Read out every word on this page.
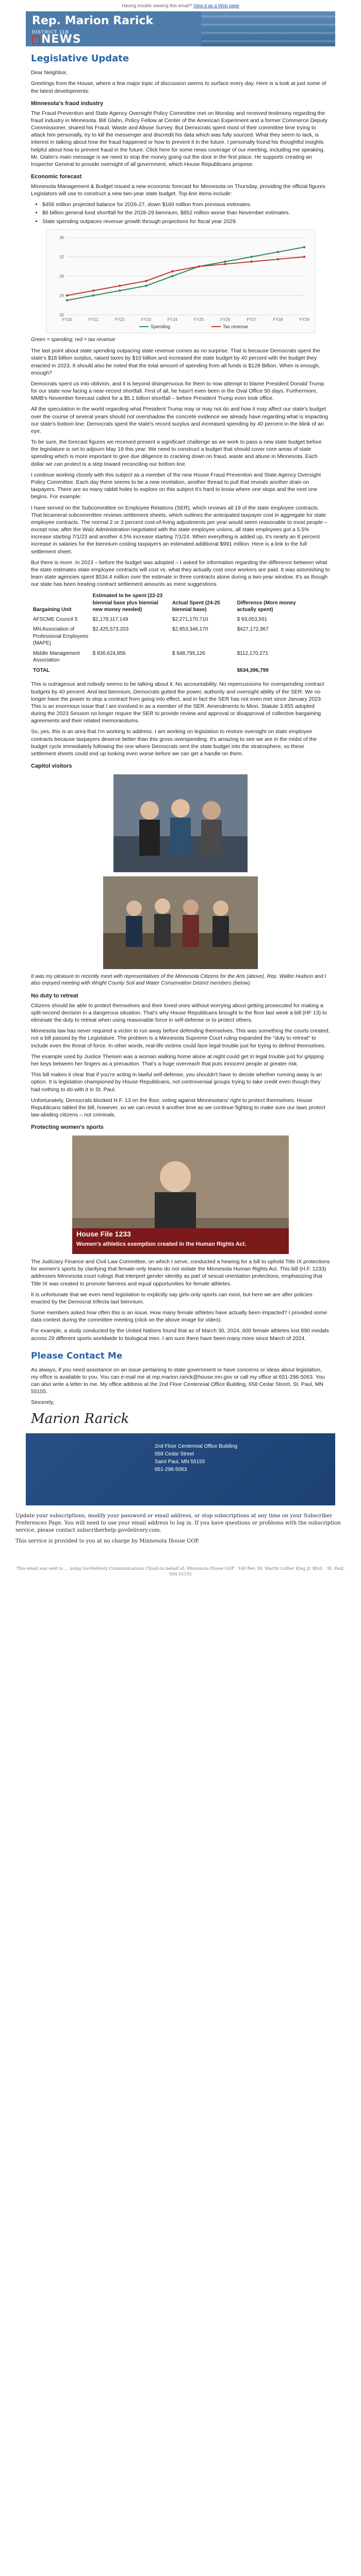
Having trouble viewing this email? View it as a Web page
Rep. Marion Rarick
DISTRICT 11B
NEWS
Legislative Update

Dear Neighbor,

Greetings from the House, where a few major topic of discussion seems to surface every day. Here is a look at just some of the latest developments:

Minnesota's fraud industry

The Fraud Prevention and State Agency Oversight Policy Committee met on Monday and received testimony regarding the fraud industry in Minnesota. Bill Glahn, Policy Fellow at Center of the American Experiment and a former Commerce Deputy Commissioner, shared his Fraud, Waste and Abuse Survey. But Democrats spent most of their committee time trying to attack him personally, try to kill the messenger and discredit his data which was fully sourced. What they seem to lack, is interest in talking about how the fraud happened or how to prevent it in the future. I personally found his thoughtful insights helpful about how to prevent fraud in the future. Click here for some news coverage of our meeting, including me speaking. Mr. Glahn's main message is we need to stop the money going out the door in the first place. He supports creating an Inspector General to provide oversight of all government, which House Republicans propose.

Economic forecast

Minnesota Management & Budget issued a new economic forecast for Minnesota on Thursday, providing the official figures Legislators will use to construct a new two-year state budget. Top-line items include:

• $456 million projected balance for 2026-27, down $160 million from previous estimates.
• $6 billion general fund shortfall for the 2028-29 biennium, $852 million worse than November estimates.
• State spending outpaces revenue growth through projections for fiscal year 2029.
20
24
28
32
36
FY20	FY21	FY22	FY23	FY24	FY25	FY26	FY27	FY28	FY29
Spending	Tax revenue

Green = spending; red = tax revenue

The last point about state spending outpacing state revenue comes as no surprise. That is because Democrats spent the state's $18 billion surplus, raised taxes by $10 billion and increased the state budget by 40 percent with the budget they enacted in 2023. It should also be noted that the total amount of spending from all funds is $128 Billion. When is enough, enough?

Democrats spent us into oblivion, and it is beyond disingenuous for them to now attempt to blame President Donald Trump for our state now facing a near-record shortfall. First of all, he hasn't even been in the Oval Office 50 days. Furthermore, MMB's November forecast called for a $5.1 billion shortfall – before President Trump even took office.

All the speculation in the world regarding what President Trump may or may not do and how it may affect our state's budget over the course of several years should not overshadow the concrete evidence we already have regarding what is impacting our state's bottom line: Democrats spent the state's record surplus and increased spending by 40 percent in the blink of an eye.

To be sure, the forecast figures we received present a significant challenge as we work to pass a new state budget before the legislature is set to adjourn May 19 this year. We need to construct a budget that should cover core areas of state spending which is more important to give due diligence to cracking down on fraud, waste and abuse in Minnesota. Each dollar we can protect is a step toward reconciling our bottom line.

I continue working closely with this subject as a member of the new House Fraud Prevention and State Agency Oversight Policy Committee. Each day there seems to be a new revelation, another thread to pull that reveals another drain on taxpayers. There are so many rabbit holes to explore on this subject it's hard to know where one stops and the next one begins. For example:

I have served on the Subcommittee on Employee Relations (SER), which reviews all 19 of the state employee contracts. That bicameral subcommittee reviews settlement sheets, which outlines the anticipated taxpayer cost in aggregate for state employee contracts. The normal 2 or 3 percent cost-of-living adjustments per year would seem reasonable to most people – except now, after the Walz Administration negotiated with the state employee unions, all state employees got a 5.5% increase starting 7/1/23 and another 4.5% increase starting 7/1/24. When everything is added up, it's nearly an 8 percent increase in salaries for the biennium costing taxpayers an estimated additional $991 million. Here is a link to the full settlement sheet.

But there is more. In 2023 – before the budget was adopted – I asked for information regarding the difference between what the state estimates state employee contracts will cost vs. what they actually cost once workers are paid. It was astonishing to learn state agencies spent $534.4 million over the estimate in three contracts alone during a two-year window. It's as though our state has been treating contract settlement amounts as mere suggestions.

Bargaining Unit	Estimated to be spent (22-23 biennial base plus biennial new money needed)	Actual Spent (24-25 biennial base)	Difference (More money actually spent)
AFSCME Council 5	$2,178,117,149	$2,271,170,710	$ 93,053,561
MN Association of Professional Employees (MAPE)	$2,425,573,203	$2,853,346,170	$427,172,967
Middle Management Association	$ 836,624,856	$ 948,795,126	$112,170,271
TOTAL			$634,396,799

This is outrageous and nobody seems to be talking about it. No accountability. No repercussions for overspending contract budgets by 40 percent. And last biennium, Democrats gutted the power, authority and oversight ability of the SER. We no longer have the power to stop a contract from going into effect, and in fact the SER has not even met since January 2023. This is an enormous issue that I am involved in as a member of the SER. Amendments to Minn. Statute 3.855 adopted during the 2023 Session no longer require the SER to provide review and approval or disapproval of collective bargaining agreements and their related memorandums.

So, yes, this is an area that I'm working to address. I am working on legislation to restore oversight on state employee contracts because taxpayers deserve better than this gross overspending. It's amazing to see we are in the midst of the budget cycle immediately following the one where Democrats sent the state budget into the stratosphere, so these settlement sheets could end up looking even worse before we can get a handle on them.

Capitol visitors

It was my pleasure to recently meet with representatives of the Minnesota Citizens for the Arts (above). Rep. Walter Hudson and I also enjoyed meeting with Wright County Soil and Water Conservation District members (below).

No duty to retreat

Citizens should be able to protect themselves and their loved ones without worrying about getting prosecuted for making a split-second decision in a dangerous situation. That's why House Republicans brought to the floor last week a bill (HF 13) to eliminate the duty to retreat when using reasonable force in self-defense or to protect others.

Minnesota law has never required a victim to run away before defending themselves. This was something the courts created, not a bill passed by the Legislature. The problem is a Minnesota Supreme Court ruling expanded the "duty to retreat" to include even the threat of force. In other words, real-life victims could face legal trouble just for trying to defend themselves.

The example used by Justice Theisen was a woman walking home alone at night could get in legal trouble just for gripping her keys between her fingers as a precaution. That's a huge overreach that puts innocent people at greater risk.

This bill makes it clear that if you're acting in lawful self-defense, you shouldn't have to decide whether running away is an option. It is legislation championed by House Republicans, not controversial groups trying to take credit even though they had nothing to do with it in St. Paul.

Unfortunately, Democrats blocked H.F. 13 on the floor, voting against Minnesotans' right to protect themselves. House Republicans tabled the bill, however, so we can revisit it another time as we continue fighting to make sure our laws protect law-abiding citizens – not criminals.

Protecting women's sports
House File 1233
Women's athletics exemption created in the Human Rights Act.

The Judiciary Finance and Civil Law Committee, on which I serve, conducted a hearing for a bill to uphold Title IX protections for women's sports by clarifying that female-only teams do not violate the Minnesota Human Rights Act. This bill (H.F. 1233) addresses Minnesota court rulings that interpret gender identity as part of sexual orientation protections, emphasizing that Title IX was created to promote fairness and equal opportunities for female athletes.

It is unfortunate that we even need legislation to explicitly say girls-only sports can exist, but here we are after policies enacted by the Democrat trifecta last biennium.

Some members asked how often this is an issue. How many female athletes have actually been impacted? I provided some data context during the committee meeting (click on the above image for video).

For example, a study conducted by the United Nations found that as of March 30, 2024, 600 female athletes lost 890 medals across 29 different sports worldwide to biological men. I am sure there have been many more since March of 2024.

Please Contact Me

As always, if you need assistance on an issue pertaining to state government or have concerns or ideas about legislation, my office is available to you. You can e-mail me at rep.marion.rarick@house.mn.gov or call my office at 651-296-5063. You can also write a letter to me. My office address at the 2nd Floor Centennial Office Building, 658 Cedar Street, St. Paul, MN 55155.

Sincerely,

Marion Rarick
2nd Floor Centennial Office Building
658 Cedar Street
Saint Paul, MN 55155
651-296-5063

Update your subscriptions, modify your password or email address, or stop subscriptions at any time on your Subscriber Preferences Page. You will need to use your email address to log in. If you have questions or problems with the subscription service, please contact subscriberhelp.govdelivery.com.

This service is provided to you at no charge by Minnesota House GOP.

This email was sent to ... using GovDelivery Communications Cloud on behalf of: Minnesota House GOP · 100 Rev. Dr. Martin Luther King Jr. Blvd. · St. Paul, MN 55155
